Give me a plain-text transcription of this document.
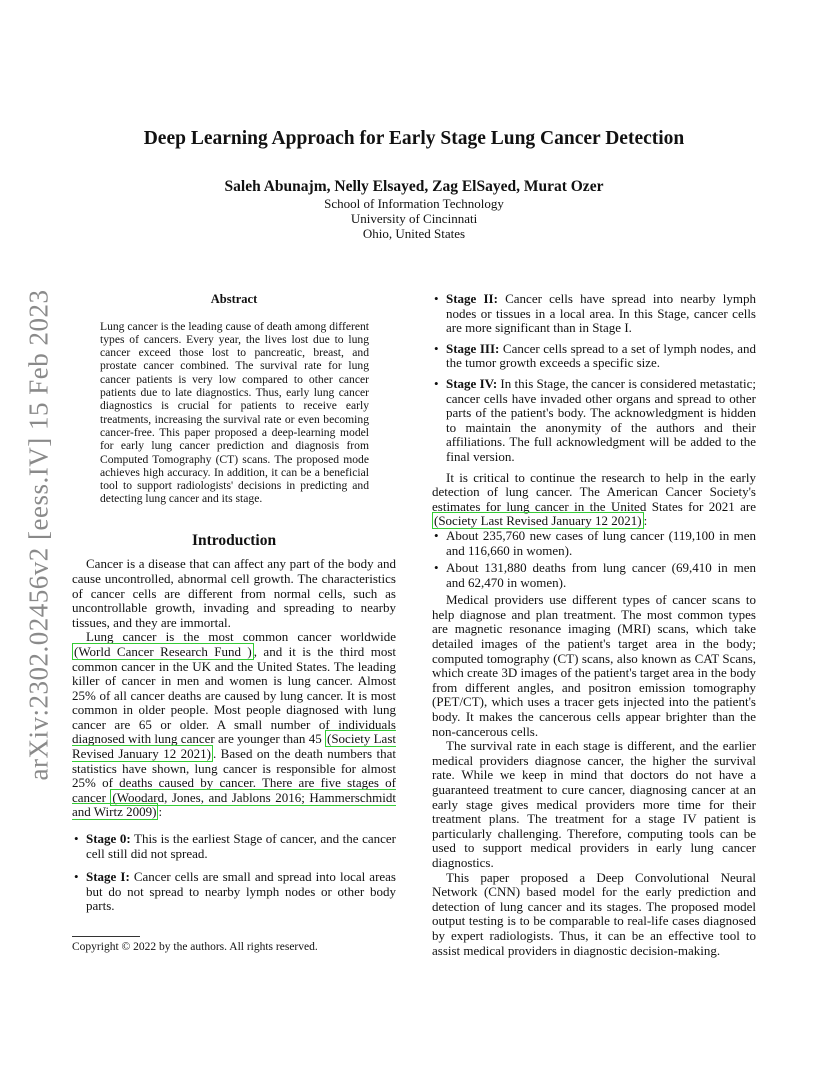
arXiv:2302.02456v2 [eess.IV] 15 Feb 2023
Deep Learning Approach for Early Stage Lung Cancer Detection
Saleh Abunajm, Nelly Elsayed, Zag ElSayed, Murat Ozer
School of Information Technology
University of Cincinnati
Ohio, United States
Abstract
Lung cancer is the leading cause of death among different types of cancers. Every year, the lives lost due to lung cancer exceed those lost to pancreatic, breast, and prostate cancer combined. The survival rate for lung cancer patients is very low compared to other cancer patients due to late diagnostics. Thus, early lung cancer diagnostics is crucial for patients to receive early treatments, increasing the survival rate or even becoming cancer-free. This paper proposed a deep-learning model for early lung cancer prediction and diagnosis from Computed Tomography (CT) scans. The proposed mode achieves high accuracy. In addition, it can be a beneficial tool to support radiologists' decisions in predicting and detecting lung cancer and its stage.
Introduction

Cancer is a disease that can affect any part of the body and cause uncontrolled, abnormal cell growth. The characteristics of cancer cells are different from normal cells, such as uncontrollable growth, invading and spreading to nearby tissues, and they are immortal.

Lung cancer is the most common cancer worldwide (World Cancer Research Fund ) , and it is the third most common cancer in the UK and the United States. The leading killer of cancer in men and women is lung cancer. Almost 25% of all cancer deaths are caused by lung cancer. It is most common in older people. Most people diagnosed with lung cancer are 65 or older. A small number of individuals diagnosed with lung cancer are younger than 45 (Society Last Revised January 12 2021) . Based on the death numbers that statistics have shown, lung cancer is responsible for almost 25% of deaths caused by cancer. There are five stages of cancer (Woodard, Jones, and Jablons 2016; Hammerschmidt and Wirtz 2009) :

• Stage 0: This is the earliest Stage of cancer, and the cancer cell still did not spread.
• Stage I: Cancer cells are small and spread into local areas but do not spread to nearby lymph nodes or other body parts.
Copyright © 2022 by the authors. All rights reserved.
• Stage II: Cancer cells have spread into nearby lymph nodes or tissues in a local area. In this Stage, cancer cells are more significant than in Stage I.
• Stage III: Cancer cells spread to a set of lymph nodes, and the tumor growth exceeds a specific size.
• Stage IV: In this Stage, the cancer is considered metastatic; cancer cells have invaded other organs and spread to other parts of the patient's body. The acknowledgment is hidden to maintain the anonymity of the authors and their affiliations. The full acknowledgment will be added to the final version.

It is critical to continue the research to help in the early detection of lung cancer. The American Cancer Society's estimates for lung cancer in the United States for 2021 are (Society Last Revised January 12 2021) :

• About 235,760 new cases of lung cancer (119,100 in men and 116,660 in women).
• About 131,880 deaths from lung cancer (69,410 in men and 62,470 in women).

Medical providers use different types of cancer scans to help diagnose and plan treatment. The most common types are magnetic resonance imaging (MRI) scans, which take detailed images of the patient's target area in the body; computed tomography (CT) scans, also known as CAT Scans, which create 3D images of the patient's target area in the body from different angles, and positron emission tomography (PET/CT), which uses a tracer gets injected into the patient's body. It makes the cancerous cells appear brighter than the non-cancerous cells.

The survival rate in each stage is different, and the earlier medical providers diagnose cancer, the higher the survival rate. While we keep in mind that doctors do not have a guaranteed treatment to cure cancer, diagnosing cancer at an early stage gives medical providers more time for their treatment plans. The treatment for a stage IV patient is particularly challenging. Therefore, computing tools can be used to support medical providers in early lung cancer diagnostics.

This paper proposed a Deep Convolutional Neural Network (CNN) based model for the early prediction and detection of lung cancer and its stages. The proposed model output testing is to be comparable to real-life cases diagnosed by expert radiologists. Thus, it can be an effective tool to assist medical providers in diagnostic decision-making.
